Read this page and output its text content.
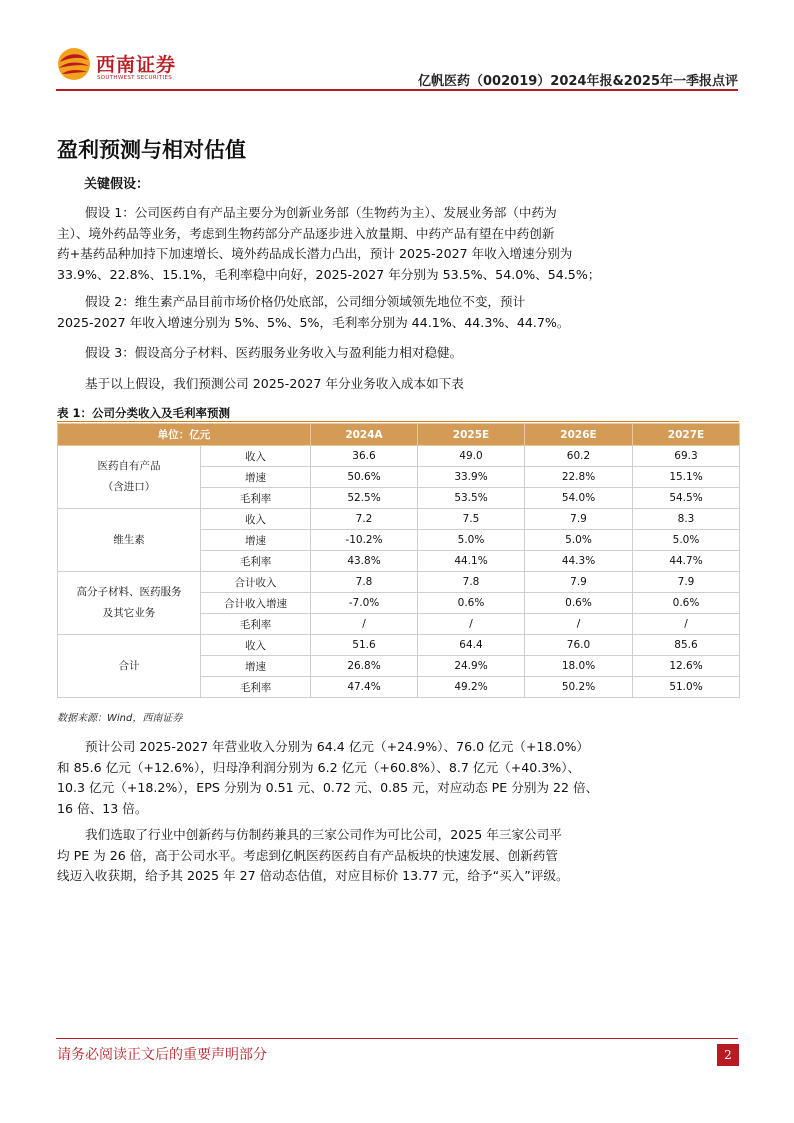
西南证券
SOUTHWEST SECURITIES	亿帆医药（002019）2024年报&2025年一季报点评
盈利预测与相对估值
关键假设：
假设 1：公司医药自有产品主要分为创新业务部（生物药为主）、发展业务部（中药为
主）、境外药品等业务，考虑到生物药部分产品逐步进入放量期、中药产品有望在中药创新
药+基药品种加持下加速增长、境外药品成长潜力凸出，预计 2025-2027 年收入增速分别为
33.9%、22.8%、15.1%，毛利率稳中向好，2025-2027 年分别为 53.5%、54.0%、54.5%；
假设 2：维生素产品目前市场价格仍处底部，公司细分领域领先地位不变，预计
2025-2027 年收入增速分别为 5%、5%、5%，毛利率分别为 44.1%、44.3%、44.7%。
假设 3：假设高分子材料、医药服务业务收入与盈利能力相对稳健。
基于以上假设，我们预测公司 2025-2027 年分业务收入成本如下表
表 1：公司分类收入及毛利率预测
单位：亿元		2024A	2025E	2026E	2027E
医药自有产品
（含进口）	收入	36.6	49.0	60.2	69.3
	增速	50.6%	33.9%	22.8%	15.1%
	毛利率	52.5%	53.5%	54.0%	54.5%
维生素	收入	7.2	7.5	7.9	8.3
	增速	-10.2%	5.0%	5.0%	5.0%
	毛利率	43.8%	44.1%	44.3%	44.7%
高分子材料、医药服务
及其它业务	合计收入	7.8	7.8	7.9	7.9
	合计收入增速	-7.0%	0.6%	0.6%	0.6%
	毛利率	/	/	/	/
合计	收入	51.6	64.4	76.0	85.6
	增速	26.8%	24.9%	18.0%	12.6%
	毛利率	47.4%	49.2%	50.2%	51.0%
数据来源：Wind，西南证券
预计公司 2025-2027 年营业收入分别为 64.4 亿元（+24.9%）、76.0 亿元（+18.0%）
和 85.6 亿元（+12.6%），归母净利润分别为 6.2 亿元（+60.8%）、8.7 亿元（+40.3%）、
10.3 亿元（+18.2%），EPS 分别为 0.51 元、0.72 元、0.85 元，对应动态 PE 分别为 22 倍、
16 倍、13 倍。
我们选取了行业中创新药与仿制药兼具的三家公司作为可比公司，2025 年三家公司平
均 PE 为 26 倍，高于公司水平。考虑到亿帆医药医药自有产品板块的快速发展、创新药管
线迈入收获期，给予其 2025 年 27 倍动态估值，对应目标价 13.77 元，给予“买入”评级。
请务必阅读正文后的重要声明部分	2
